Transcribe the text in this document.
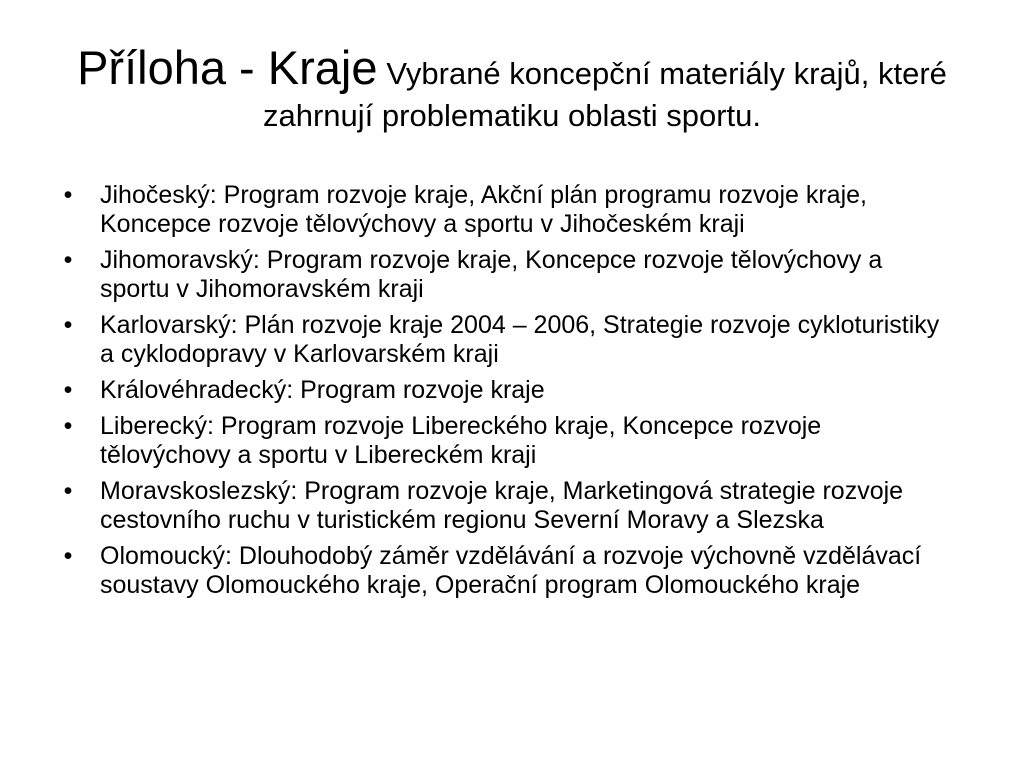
Příloha - Kraje Vybrané koncepční materiály krajů, které zahrnují problematiku oblasti sportu.
• Jihočeský: Program rozvoje kraje, Akční plán programu rozvoje kraje, Koncepce rozvoje tělovýchovy a sportu v Jihočeském kraji
• Jihomoravský: Program rozvoje kraje, Koncepce rozvoje tělovýchovy a sportu v Jihomoravském kraji
• Karlovarský: Plán rozvoje kraje 2004 – 2006, Strategie rozvoje cykloturistiky a cyklodopravy v Karlovarském kraji
• Královéhradecký: Program rozvoje kraje
• Liberecký: Program rozvoje Libereckého kraje, Koncepce rozvoje tělovýchovy a sportu v Libereckém kraji
• Moravskoslezský: Program rozvoje kraje, Marketingová strategie rozvoje cestovního ruchu v turistickém regionu Severní Moravy a Slezska
• Olomoucký: Dlouhodobý záměr vzdělávání a rozvoje výchovně vzdělávací soustavy Olomouckého kraje, Operační program Olomouckého kraje
